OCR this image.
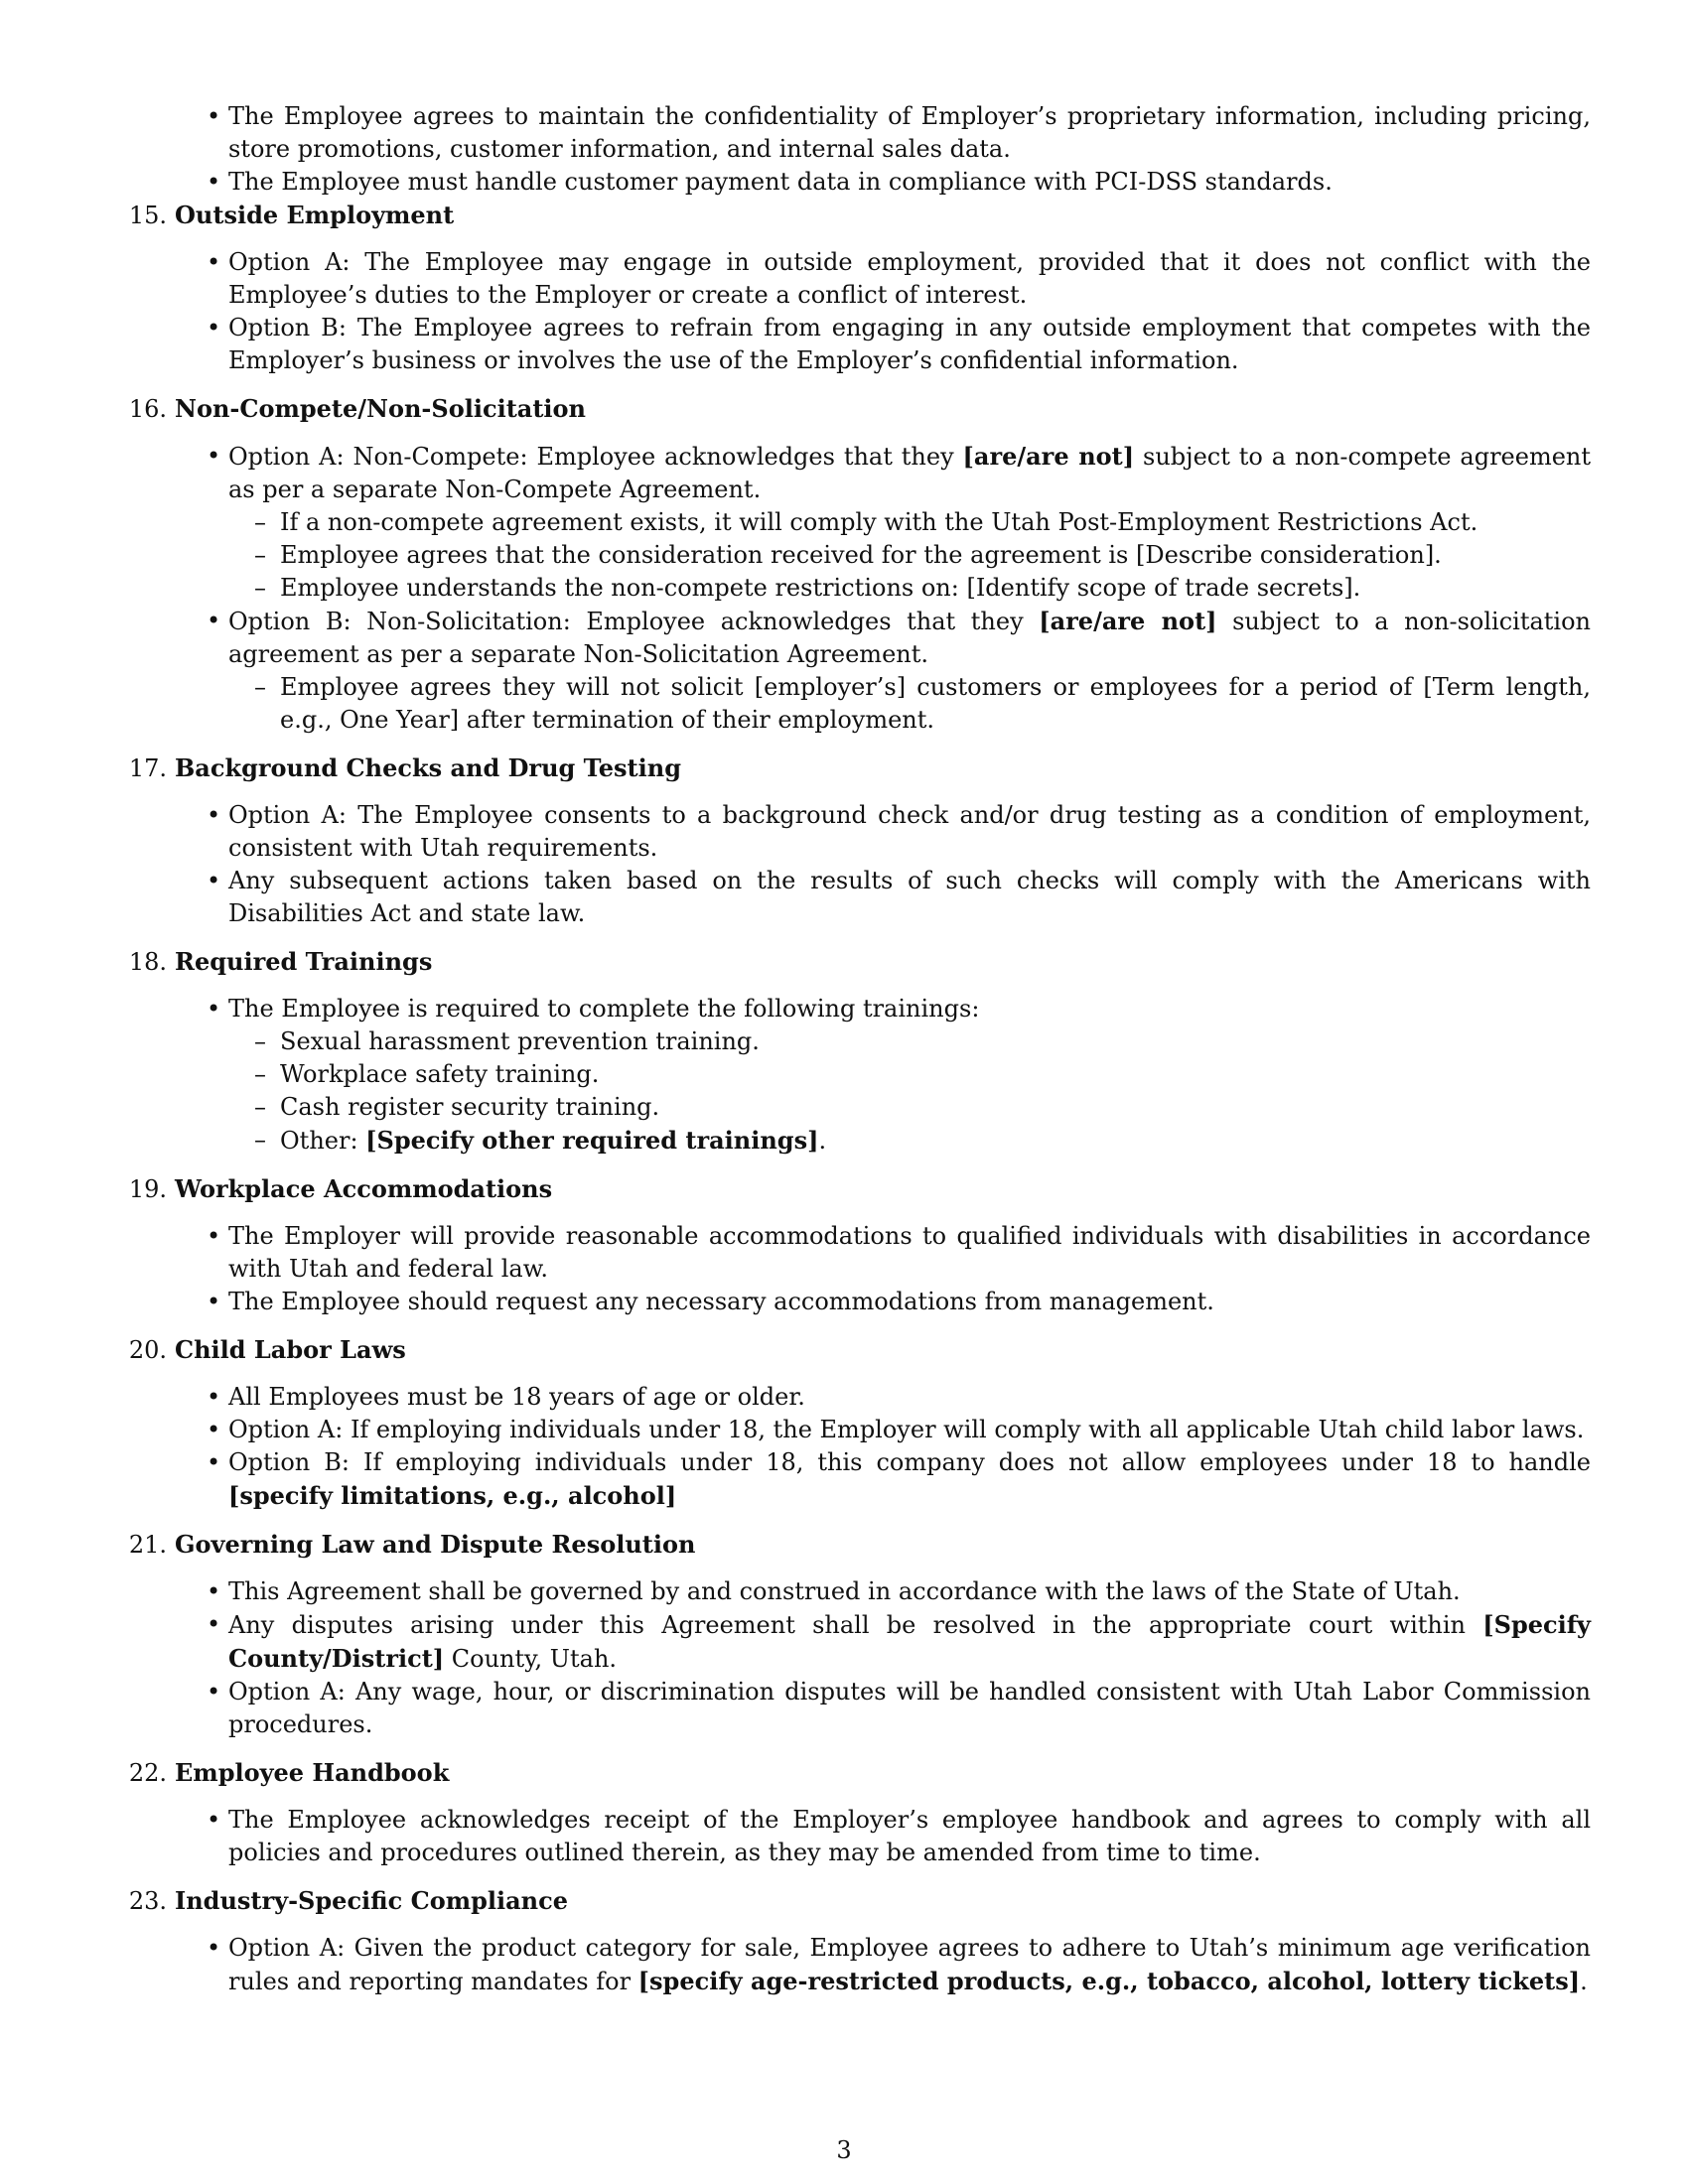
• The Employee agrees to maintain the confidentiality of Employer’s proprietary information, including pricing, store promotions, customer information, and internal sales data.
• The Employee must handle customer payment data in compliance with PCI-DSS standards.
15. Outside Employment
• Option A: The Employee may engage in outside employment, provided that it does not conflict with the Employee’s duties to the Employer or create a conflict of interest.
• Option B: The Employee agrees to refrain from engaging in any outside employment that competes with the Employer’s business or involves the use of the Employer’s confidential information.
16. Non-Compete/Non-Solicitation
• Option A: Non-Compete: Employee acknowledges that they [are/are not] subject to a non-compete agreement as per a separate Non-Compete Agreement.
– If a non-compete agreement exists, it will comply with the Utah Post-Employment Restrictions Act.
– Employee agrees that the consideration received for the agreement is [Describe consideration].
– Employee understands the non-compete restrictions on: [Identify scope of trade secrets].
• Option B: Non-Solicitation: Employee acknowledges that they [are/are not] subject to a non-solicitation agreement as per a separate Non-Solicitation Agreement.
– Employee agrees they will not solicit [employer’s] customers or employees for a period of [Term length, e.g., One Year] after termination of their employment.
17. Background Checks and Drug Testing
• Option A: The Employee consents to a background check and/or drug testing as a condition of employment, consistent with Utah requirements.
• Any subsequent actions taken based on the results of such checks will comply with the Americans with Disabilities Act and state law.
18. Required Trainings
• The Employee is required to complete the following trainings:
– Sexual harassment prevention training.
– Workplace safety training.
– Cash register security training.
– Other: [Specify other required trainings].
19. Workplace Accommodations
• The Employer will provide reasonable accommodations to qualified individuals with disabilities in accordance with Utah and federal law.
• The Employee should request any necessary accommodations from management.
20. Child Labor Laws
• All Employees must be 18 years of age or older.
• Option A: If employing individuals under 18, the Employer will comply with all applicable Utah child labor laws.
• Option B: If employing individuals under 18, this company does not allow employees under 18 to handle [specify limitations, e.g., alcohol]
21. Governing Law and Dispute Resolution
• This Agreement shall be governed by and construed in accordance with the laws of the State of Utah.
• Any disputes arising under this Agreement shall be resolved in the appropriate court within [Specify County/District] County, Utah.
• Option A: Any wage, hour, or discrimination disputes will be handled consistent with Utah Labor Commission procedures.
22. Employee Handbook
• The Employee acknowledges receipt of the Employer’s employee handbook and agrees to comply with all policies and procedures outlined therein, as they may be amended from time to time.
23. Industry-Specific Compliance
• Option A: Given the product category for sale, Employee agrees to adhere to Utah’s minimum age verification rules and reporting mandates for [specify age-restricted products, e.g., tobacco, alcohol, lottery tickets].
3
